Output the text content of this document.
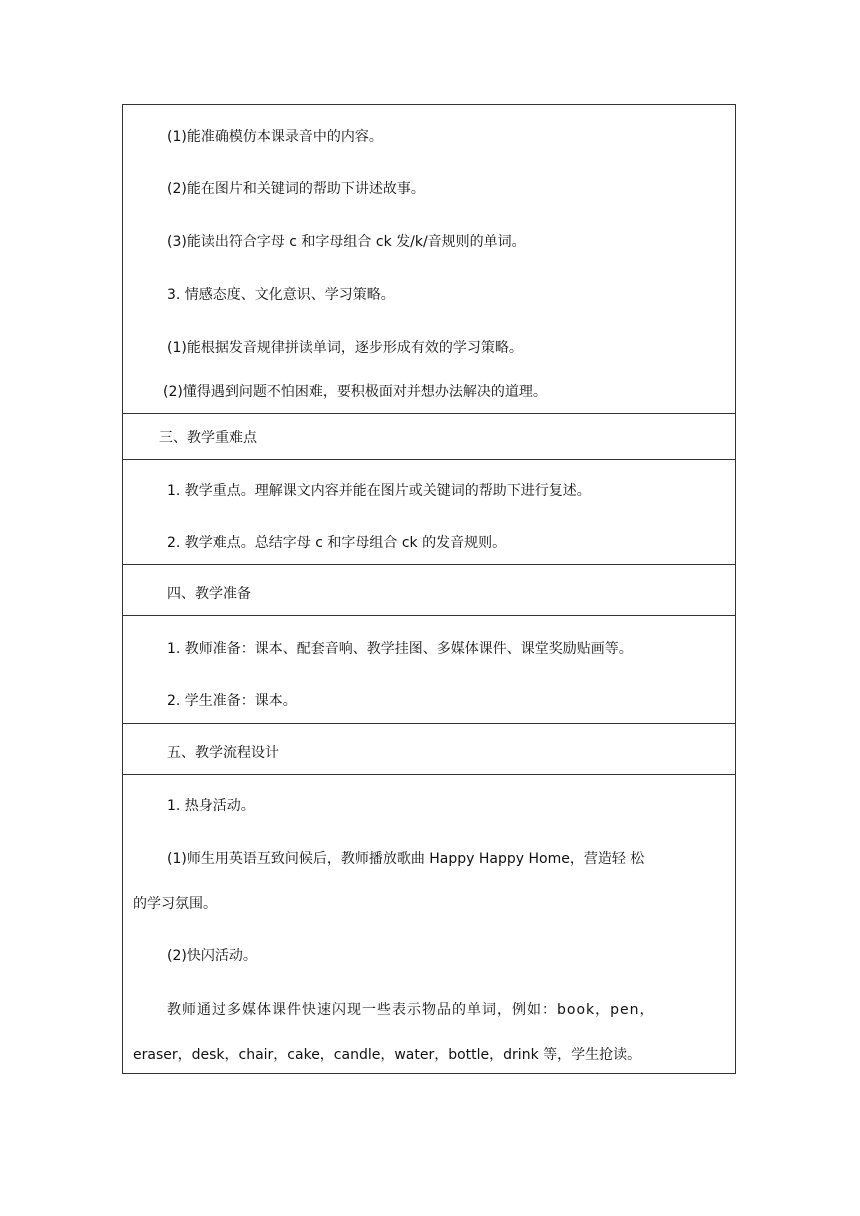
(1)能准确模仿本课录音中的内容。
(2)能在图片和关键词的帮助下讲述故事。
(3)能读出符合字母 c 和字母组合 ck 发/k/音规则的单词。
3. 情感态度、文化意识、学习策略。
(1)能根据发音规律拼读单词，逐步形成有效的学习策略。
(2)懂得遇到问题不怕困难，要积极面对并想办法解决的道理。
三、教学重难点
1. 教学重点。理解课文内容并能在图片或关键词的帮助下进行复述。
2. 教学难点。总结字母 c 和字母组合 ck 的发音规则。
四、教学准备
1. 教师准备：课本、配套音响、教学挂图、多媒体课件、课堂奖励贴画等。
2. 学生准备：课本。
五、教学流程设计
1. 热身活动。
(1)师生用英语互致问候后，教师播放歌曲 Happy Happy Home，营造轻 松
的学习氛围。
(2)快闪活动。
教师通过多媒体课件快速闪现一些表示物品的单词，例如：book，pen，
eraser，desk，chair，cake，candle，water，bottle，drink 等，学生抢读。
